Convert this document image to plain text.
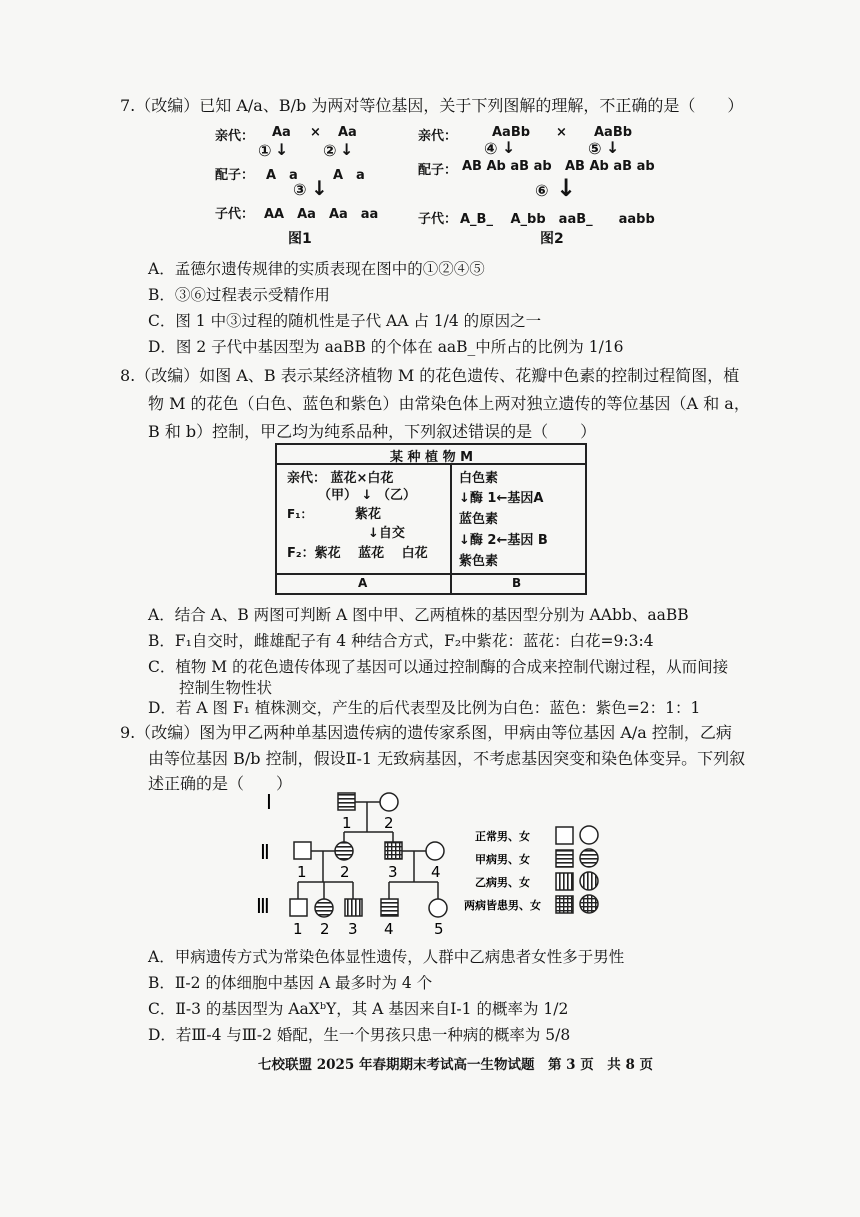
7.（改编）已知 A/a、B/b 为两对等位基因，关于下列图解的理解，不正确的是（　　）
亲代： Aa × Aa
① ↓ ② ↓
配子： A　a	A　a
③ ↓
子代： AA　Aa　Aa　aa
图1
亲代：	AaBb × AaBb
④ ↓	⑤ ↓
配子： AB Ab aB ab AB Ab aB ab
⑥ ↓
子代： A_B_　 A_bb　aaB_　　aabb
图2
A．孟德尔遗传规律的实质表现在图中的①②④⑤
B．③⑥过程表示受精作用
C．图 1 中③过程的随机性是子代 AA 占 1/4 的原因之一
D．图 2 子代中基因型为 aaBB 的个体在 aaB_中所占的比例为 1/16
8.（改编）如图 A、B 表示某经济植物 M 的花色遗传、花瓣中色素的控制过程简图，植
物 M 的花色（白色、蓝色和紫色）由常染色体上两对独立遗传的等位基因（A 和 a，
B 和 b）控制，甲乙均为纯系品种，下列叙述错误的是（　　）
某 种 植 物 M
亲代： 蓝花×白花
（甲） ↓ （乙）
F₁：	紫花
↓自交
F₂：紫花　 蓝花　 白花
白色素
↓酶 1←基因A
蓝色素
↓酶 2←基因 B
紫色素
A	B
A．结合 A、B 两图可判断 A 图中甲、乙两植株的基因型分别为 AAbb、aaBB
B．F₁自交时，雌雄配子有 4 种结合方式，F₂中紫花：蓝花：白花=9:3:4
C．植物 M 的花色遗传体现了基因可以通过控制酶的合成来控制代谢过程，从而间接
　　控制生物性状
D．若 A 图 F₁ 植株测交，产生的后代表型及比例为白色：蓝色：紫色=2：1：1
9.（改编）图为甲乙两种单基因遗传病的遗传家系图，甲病由等位基因 A/a 控制，乙病
由等位基因 B/b 控制，假设Ⅱ-1 无致病基因，不考虑基因突变和染色体变异。下列叙
述正确的是（　　）
Ⅰ
Ⅱ
Ⅲ
1 2
1 2	3 4
1 2 3 4	5
正常男、女
甲病男、女
乙病男、女
两病皆患男、女
A．甲病遗传方式为常染色体显性遗传，人群中乙病患者女性多于男性
B．Ⅱ-2 的体细胞中基因 A 最多时为 4 个
C．Ⅱ-3 的基因型为 AaXᵇY，其 A 基因来自Ⅰ-1 的概率为 1/2
D．若Ⅲ-4 与Ⅲ-2 婚配，生一个男孩只患一种病的概率为 5/8
七校联盟 2025 年春期期末考试高一生物试题　第 3 页　共 8 页
